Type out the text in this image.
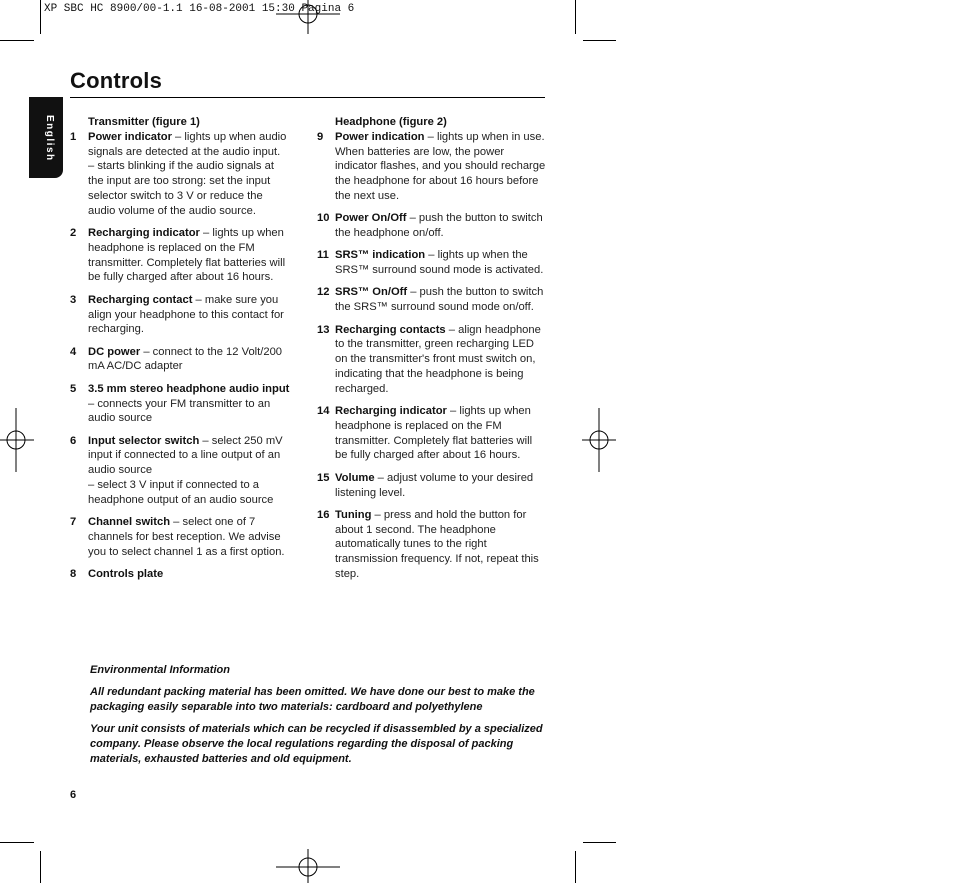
XP SBC HC 8900/00-1.1 16-08-2001 15:30 Pagina 6
English
Controls
Transmitter (figure 1)
1	Power indicator – lights up when audio signals are detected at the audio input.
– starts blinking if the audio signals at the input are too strong: set the input selector switch to 3 V or reduce the audio volume of the audio source.
2	Recharging indicator – lights up when headphone is replaced on the FM transmitter. Completely flat batteries will be fully charged after about 16 hours.
3	Recharging contact – make sure you align your headphone to this contact for recharging.
4	DC power – connect to the 12 Volt/200 mA AC/DC adapter
5	3.5 mm stereo headphone audio input – connects your FM transmitter to an audio source
6	Input selector switch – select 250 mV input if connected to a line output of an audio source
– select 3 V input if connected to a headphone output of an audio source
7	Channel switch – select one of 7 channels for best reception. We advise you to select channel 1 as a first option.
8	Controls plate
Headphone (figure 2)
9	Power indication – lights up when in use. When batteries are low, the power indicator flashes, and you should recharge the headphone for about 16 hours before the next use.
10 Power On/Off – push the button to switch the headphone on/off.
11 SRS™ indication – lights up when the SRS™ surround sound mode is activated.
12 SRS™ On/Off – push the button to switch the SRS™ surround sound mode on/off.
13 Recharging contacts – align headphone to the transmitter, green recharging LED on the transmitter's front must switch on, indicating that the headphone is being recharged.
14 Recharging indicator – lights up when headphone is replaced on the FM transmitter. Completely flat batteries will be fully charged after about 16 hours.
15 Volume – adjust volume to your desired listening level.
16 Tuning – press and hold the button for about 1 second. The headphone automatically tunes to the right transmission frequency. If not, repeat this step.

Environmental Information

All redundant packing material has been omitted. We have done our best to make the packaging easily separable into two materials: cardboard and polyethylene

Your unit consists of materials which can be recycled if disassembled by a specialized company. Please observe the local regulations regarding the disposal of packing materials, exhausted batteries and old equipment.

6
